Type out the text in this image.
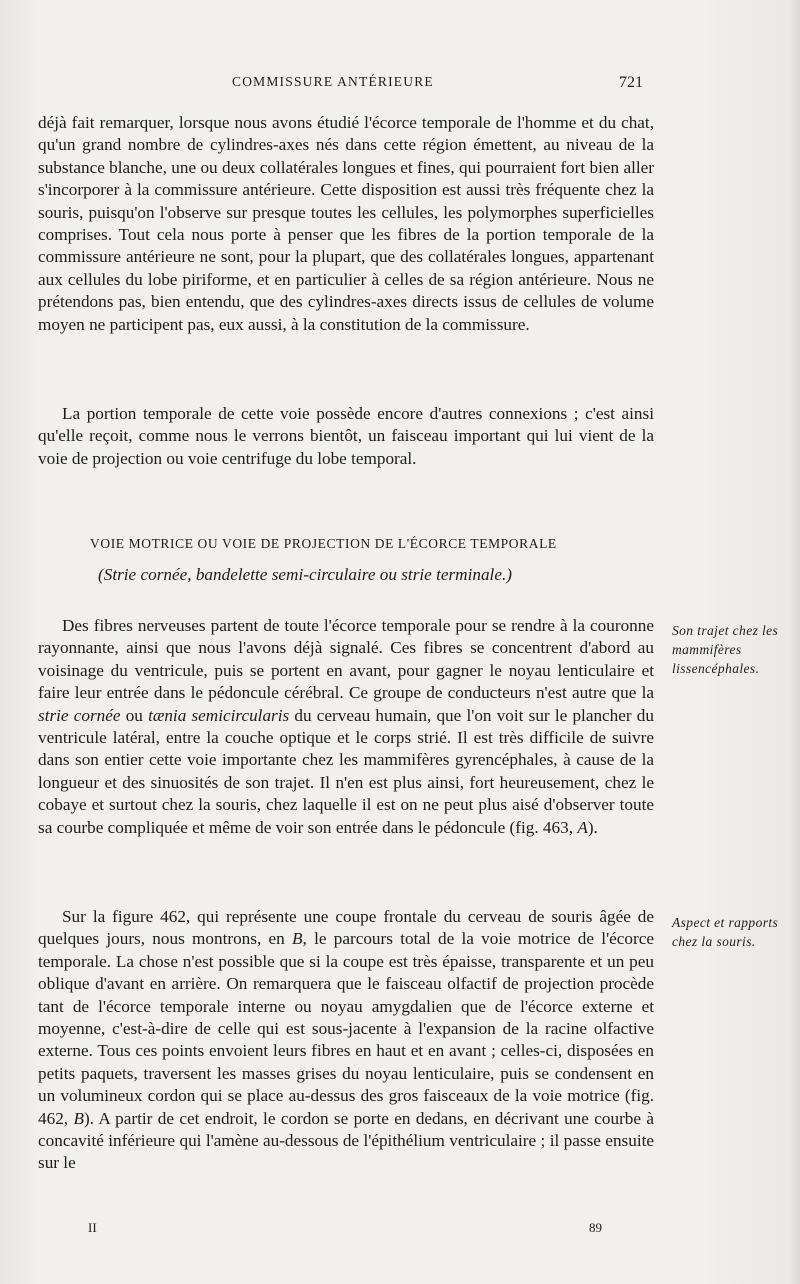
COMMISSURE ANTÉRIEURE	721

déjà fait remarquer, lorsque nous avons étudié l'écorce temporale de l'homme et du chat, qu'un grand nombre de cylindres-axes nés dans cette région émettent, au niveau de la substance blanche, une ou deux collatérales longues et fines, qui pourraient fort bien aller s'incorporer à la commissure antérieure. Cette disposition est aussi très fréquente chez la souris, puisqu'on l'observe sur presque toutes les cellules, les polymorphes superficielles comprises. Tout cela nous porte à penser que les fibres de la portion temporale de la commissure antérieure ne sont, pour la plupart, que des collatérales longues, appartenant aux cellules du lobe piriforme, et en particulier à celles de sa région antérieure. Nous ne prétendons pas, bien entendu, que des cylindres-axes directs issus de cellules de volume moyen ne participent pas, eux aussi, à la constitution de la commissure.

La portion temporale de cette voie possède encore d'autres connexions ; c'est ainsi qu'elle reçoit, comme nous le verrons bientôt, un faisceau important qui lui vient de la voie de projection ou voie centrifuge du lobe temporal.

VOIE MOTRICE OU VOIE DE PROJECTION DE L'ÉCORCE TEMPORALE
(Strie cornée, bandelette semi-circulaire ou strie terminale.)

Des fibres nerveuses partent de toute l'écorce temporale pour se rendre à la couronne rayonnante, ainsi que nous l'avons déjà signalé. Ces fibres se concentrent d'abord au voisinage du ventricule, puis se portent en avant, pour gagner le noyau lenticulaire et faire leur entrée dans le pédoncule cérébral. Ce groupe de conducteurs n'est autre que la strie cornée ou tænia semicircularis du cerveau humain, que l'on voit sur le plancher du ventricule latéral, entre la couche optique et le corps strié. Il est très difficile de suivre dans son entier cette voie importante chez les mammifères gyrencéphales, à cause de la longueur et des sinuosités de son trajet. Il n'en est plus ainsi, fort heureusement, chez le cobaye et surtout chez la souris, chez laquelle il est on ne peut plus aisé d'observer toute sa courbe compliquée et même de voir son entrée dans le pédoncule (fig. 463, A).

Sur la figure 462, qui représente une coupe frontale du cerveau de souris âgée de quelques jours, nous montrons, en B, le parcours total de la voie motrice de l'écorce temporale. La chose n'est possible que si la coupe est très épaisse, transparente et un peu oblique d'avant en arrière. On remarquera que le faisceau olfactif de projection procède tant de l'écorce temporale interne ou noyau amygdalien que de l'écorce externe et moyenne, c'est-à-dire de celle qui est sous-jacente à l'expansion de la racine olfactive externe. Tous ces points envoient leurs fibres en haut et en avant ; celles-ci, disposées en petits paquets, traversent les masses grises du noyau lenticulaire, puis se condensent en un volumineux cordon qui se place au-dessus des gros faisceaux de la voie motrice (fig. 462, B). A partir de cet endroit, le cordon se porte en dedans, en décrivant une courbe à concavité inférieure qui l'amène au-dessous de l'épithélium ventriculaire ; il passe ensuite sur le

Son trajet chez les mammifères lissencéphales.
Aspect et rapports chez la souris.
II	89
